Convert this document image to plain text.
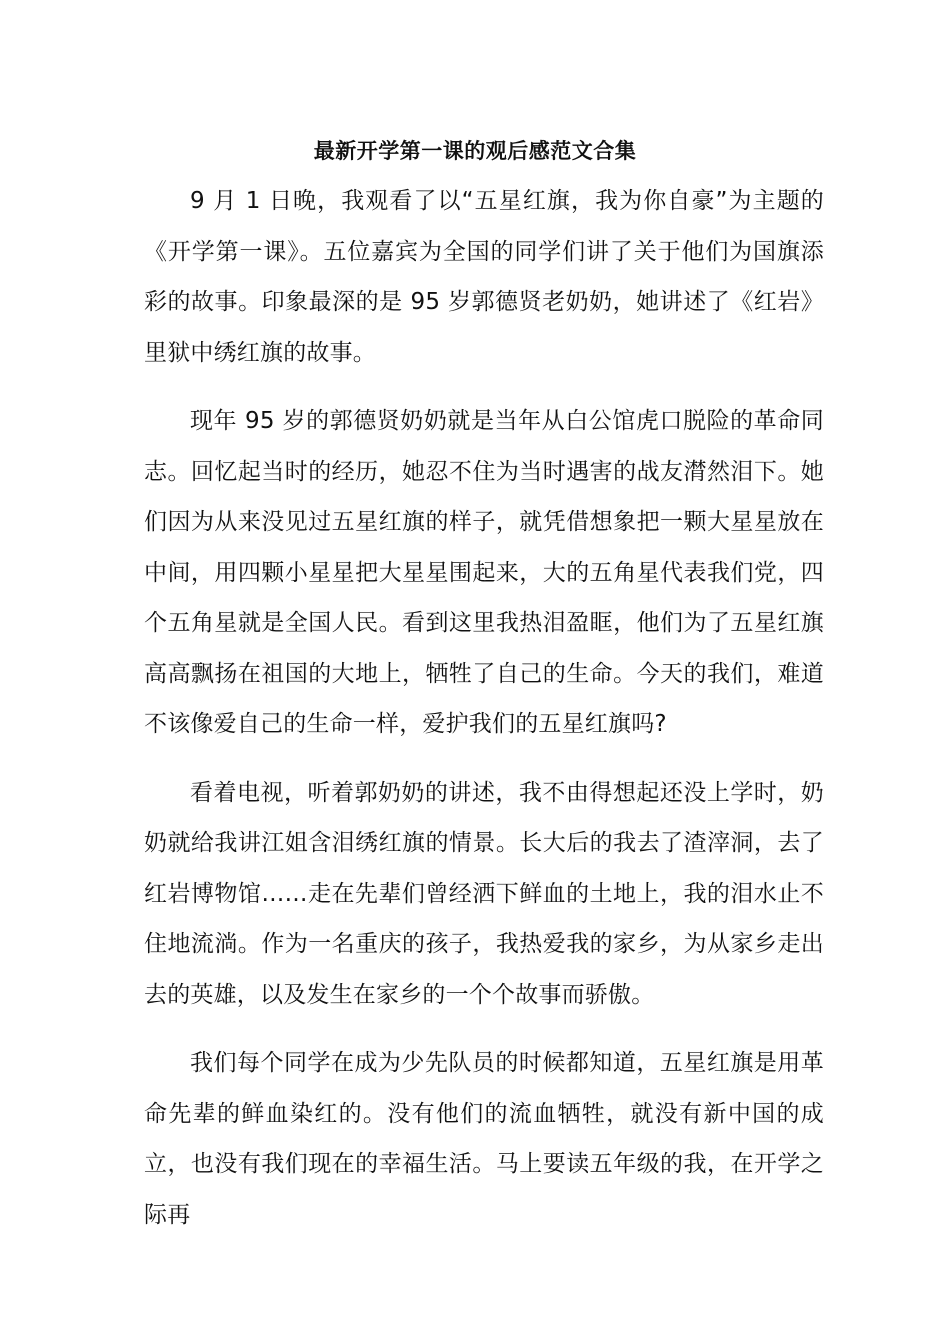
最新开学第一课的观后感范文合集

9 月 1 日晚，我观看了以“五星红旗，我为你自豪”为主题的《开学第一课》。五位嘉宾为全国的同学们讲了关于他们为国旗添彩的故事。印象最深的是 95 岁郭德贤老奶奶，她讲述了《红岩》里狱中绣红旗的故事。

现年 95 岁的郭德贤奶奶就是当年从白公馆虎口脱险的革命同志。回忆起当时的经历，她忍不住为当时遇害的战友潸然泪下。她们因为从来没见过五星红旗的样子，就凭借想象把一颗大星星放在中间，用四颗小星星把大星星围起来，大的五角星代表我们党，四个五角星就是全国人民。看到这里我热泪盈眶，他们为了五星红旗高高飘扬在祖国的大地上，牺牲了自己的生命。今天的我们，难道不该像爱自己的生命一样，爱护我们的五星红旗吗?

看着电视，听着郭奶奶的讲述，我不由得想起还没上学时，奶奶就给我讲江姐含泪绣红旗的情景。长大后的我去了渣滓洞，去了红岩博物馆……走在先辈们曾经洒下鲜血的土地上，我的泪水止不住地流淌。作为一名重庆的孩子，我热爱我的家乡，为从家乡走出去的英雄，以及发生在家乡的一个个故事而骄傲。

我们每个同学在成为少先队员的时候都知道，五星红旗是用革命先辈的鲜血染红的。没有他们的流血牺牲，就没有新中国的成立，也没有我们现在的幸福生活。马上要读五年级的我，在开学之际再
